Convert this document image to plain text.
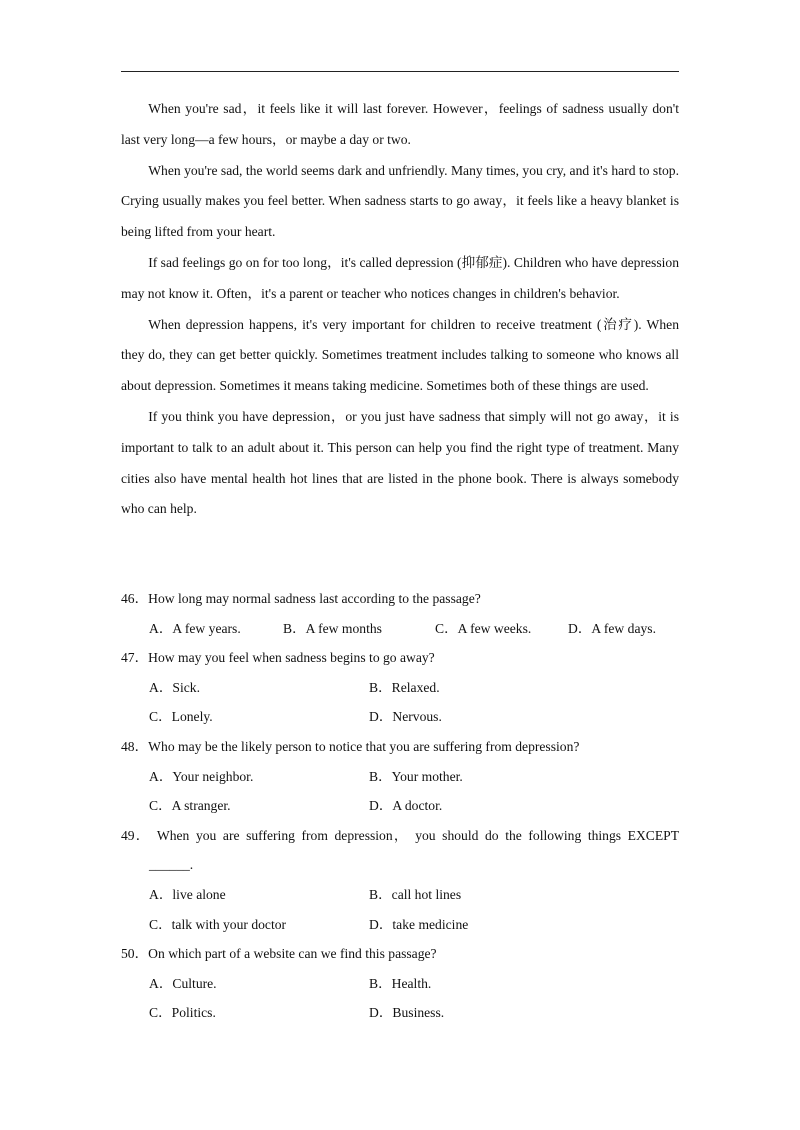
When you're sad，it feels like it will last forever. However，feelings of sadness usually don't last very long—a few hours，or maybe a day or two.

When you're sad, the world seems dark and unfriendly. Many times, you cry, and it's hard to stop. Crying usually makes you feel better. When sadness starts to go away，it feels like a heavy blanket is being lifted from your heart.

If sad feelings go on for too long，it's called depression (抑郁症). Children who have depression may not know it. Often，it's a parent or teacher who notices changes in children's behavior.

When depression happens, it's very important for children to receive treatment (治疗). When they do, they can get better quickly. Sometimes treatment includes talking to someone who knows all about depression. Sometimes it means taking medicine. Sometimes both of these things are used.

If you think you have depression，or you just have sadness that simply will not go away，it is important to talk to an adult about it. This person can help you find the right type of treatment. Many cities also have mental health hot lines that are listed in the phone book. There is always somebody who can help.

46．How long may normal sadness last according to the passage?

A．A few years.	B．A few months	C．A few weeks.	D．A few days.

47．How may you feel when sadness begins to go away?

A．Sick.	B．Relaxed.
C．Lonely.	D．Nervous.

48．Who may be the likely person to notice that you are suffering from depression?

A．Your neighbor.	B．Your mother.
C．A stranger.	D．A doctor.

49． When you are suffering from depression， you should do the following things EXCEPT

______.

A．live alone	B．call hot lines
C．talk with your doctor	D．take medicine

50．On which part of a website can we find this passage?

A．Culture.	B．Health.
C．Politics.	D．Business.
